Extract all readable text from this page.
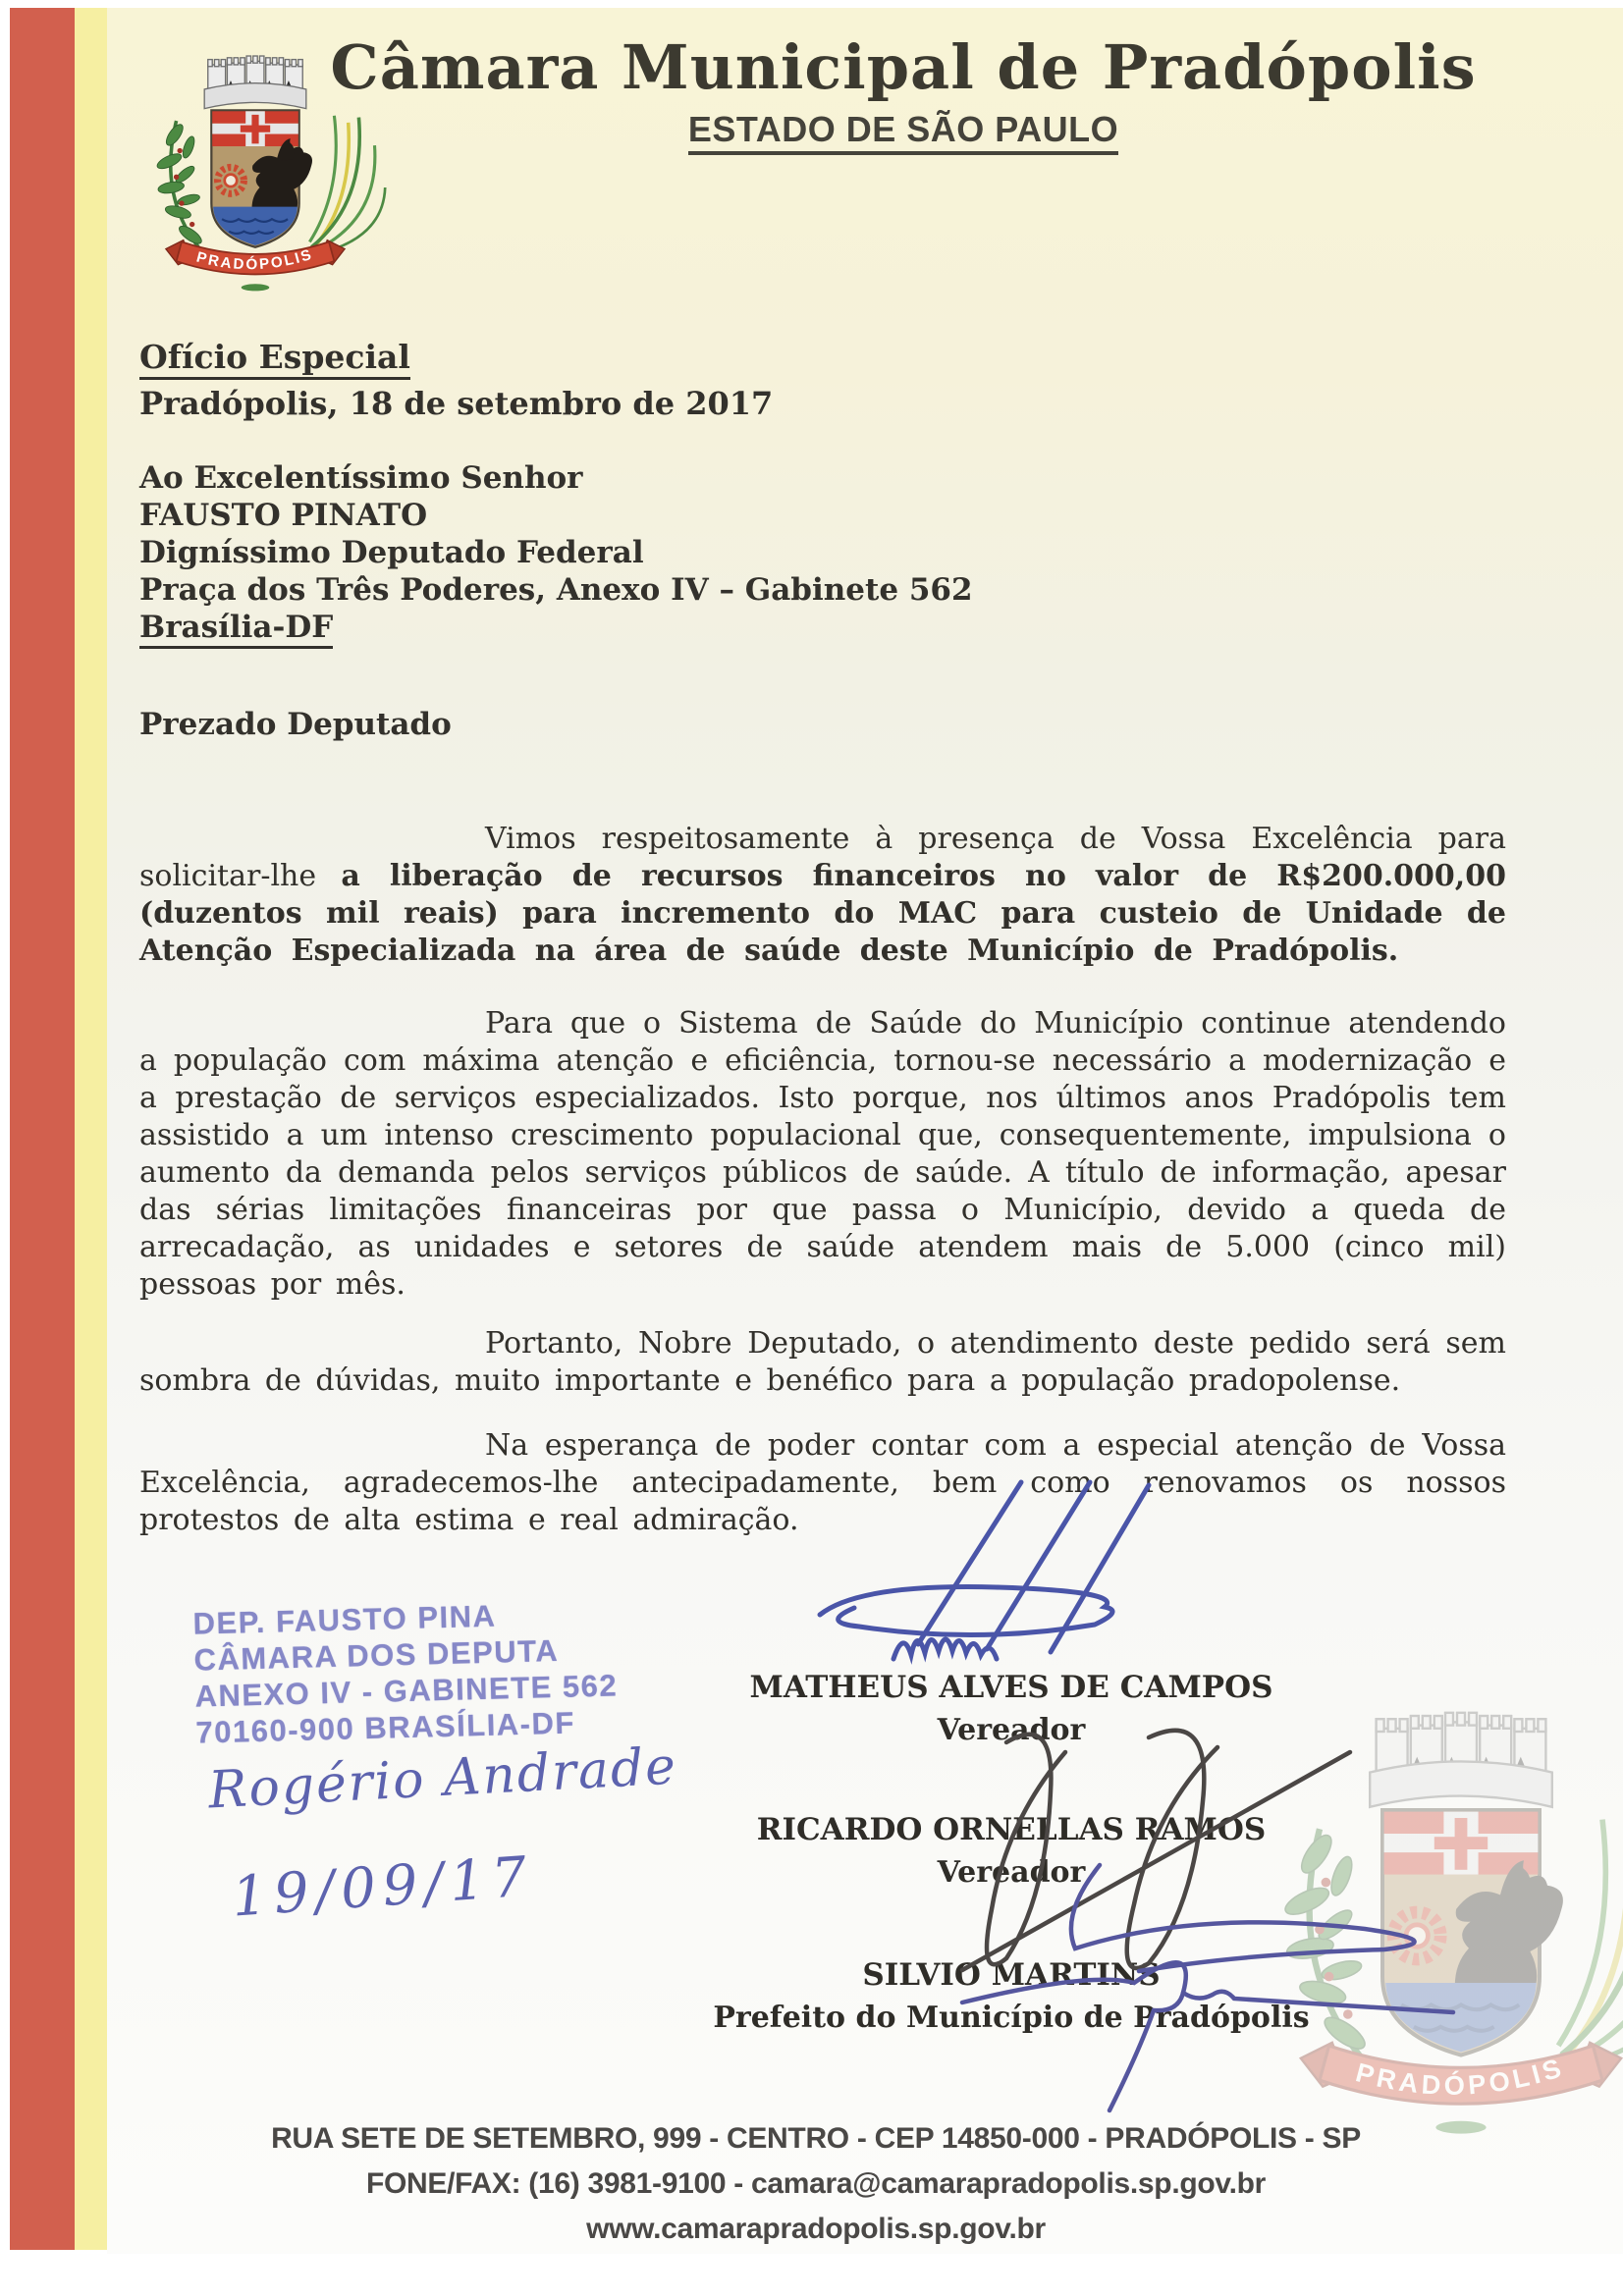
Câmara Municipal de Pradópolis
ESTADO DE SÃO PAULO
Ofício Especial
Pradópolis, 18 de setembro de 2017
Ao Excelentíssimo Senhor
FAUSTO PINATO
Digníssimo Deputado Federal
Praça dos Três Poderes, Anexo IV – Gabinete 562
Brasília-DF
Prezado Deputado

Vimos respeitosamente à presença de Vossa Excelência para solicitar-lhe a liberação de recursos financeiros no valor de R$200.000,00 (duzentos mil reais) para incremento do MAC para custeio de Unidade de Atenção Especializada na área de saúde deste Município de Pradópolis.

Para que o Sistema de Saúde do Município continue atendendo a população com máxima atenção e eficiência, tornou-se necessário a modernização e a prestação de serviços especializados. Isto porque, nos últimos anos Pradópolis tem assistido a um intenso crescimento populacional que, consequentemente, impulsiona o aumento da demanda pelos serviços públicos de saúde. A título de informação, apesar das sérias limitações financeiras por que passa o Município, devido a queda de arrecadação, as unidades e setores de saúde atendem mais de 5.000 (cinco mil) pessoas por mês.

Portanto, Nobre Deputado, o atendimento deste pedido será sem sombra de dúvidas, muito importante e benéfico para a população pradopolense.

Na esperança de poder contar com a especial atenção de Vossa Excelência, agradecemos-lhe antecipadamente, bem como renovamos os nossos protestos de alta estima e real admiração.

DEP. FAUSTO PINA
CÂMARA DOS DEPUTA
ANEXO IV - GABINETE 562
70160-900 BRASÍLIA-DF
Rogério Andrade
19/09/17
MATHEUS ALVES DE CAMPOS
Vereador
RICARDO ORNELLAS RAMOS
Vereador
SILVIO MARTINS
Prefeito do Município de Pradópolis
RUA SETE DE SETEMBRO, 999 - CENTRO - CEP 14850-000 - PRADÓPOLIS - SP
FONE/FAX: (16) 3981-9100 - camara@camarapradopolis.sp.gov.br
www.camarapradopolis.sp.gov.br
